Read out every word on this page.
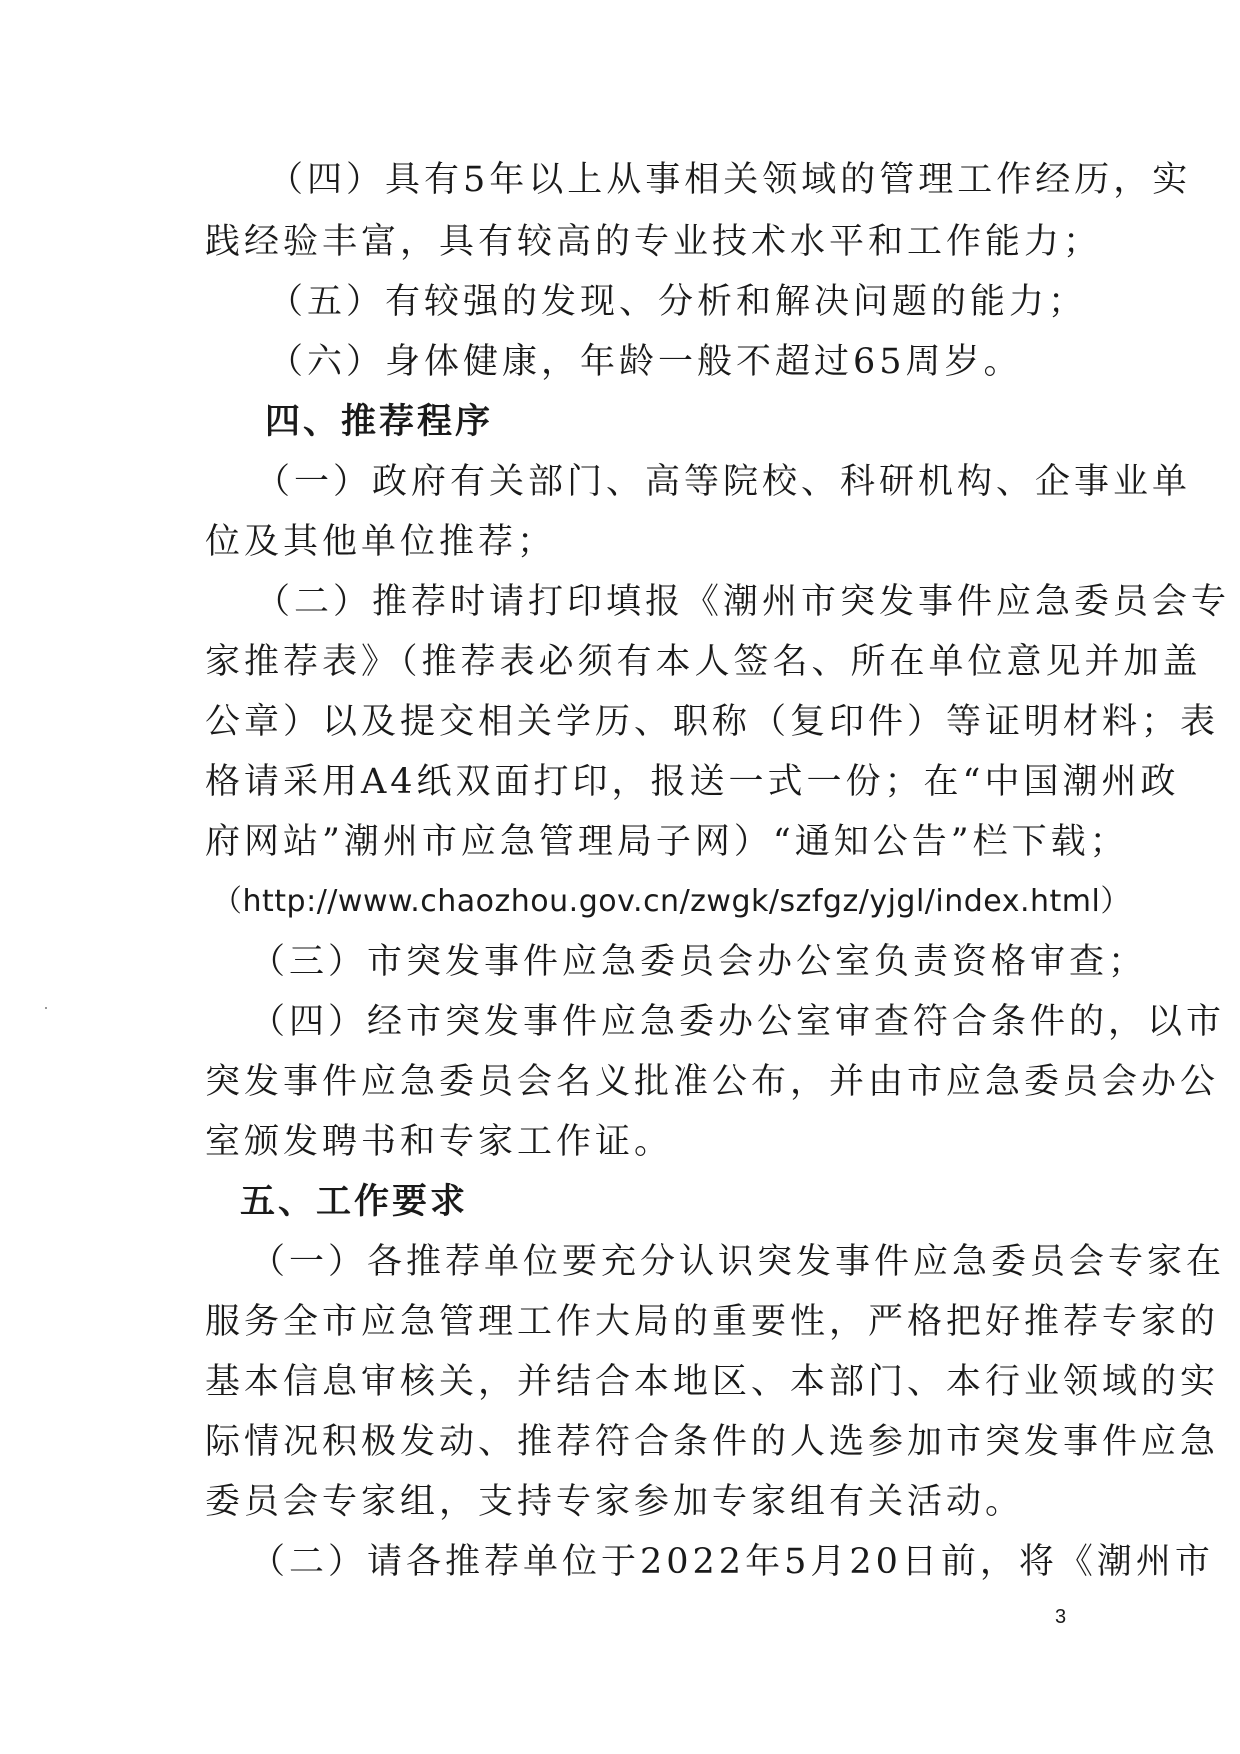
（四）具有5年以上从事相关领域的管理工作经历，实
践经验丰富，具有较高的专业技术水平和工作能力；
（五）有较强的发现、分析和解决问题的能力；
（六）身体健康，年龄一般不超过65周岁。
四、推荐程序
（一）政府有关部门、高等院校、科研机构、企事业单
位及其他单位推荐；
（二）推荐时请打印填报《潮州市突发事件应急委员会专
家推荐表》（推荐表必须有本人签名、所在单位意见并加盖
公章）以及提交相关学历、职称（复印件）等证明材料；表
格请采用A4纸双面打印，报送一式一份；在“中国潮州政
府网站”潮州市应急管理局子网）“通知公告”栏下载；
（http://www.chaozhou.gov.cn/zwgk/szfgz/yjgl/index.html）
（三）市突发事件应急委员会办公室负责资格审查；
（四）经市突发事件应急委办公室审查符合条件的，以市
突发事件应急委员会名义批准公布，并由市应急委员会办公
室颁发聘书和专家工作证。
五、工作要求
（一）各推荐单位要充分认识突发事件应急委员会专家在
服务全市应急管理工作大局的重要性，严格把好推荐专家的
基本信息审核关，并结合本地区、本部门、本行业领域的实
际情况积极发动、推荐符合条件的人选参加市突发事件应急
委员会专家组，支持专家参加专家组有关活动。
（二）请各推荐单位于2022年5月20日前，将《潮州市
3
